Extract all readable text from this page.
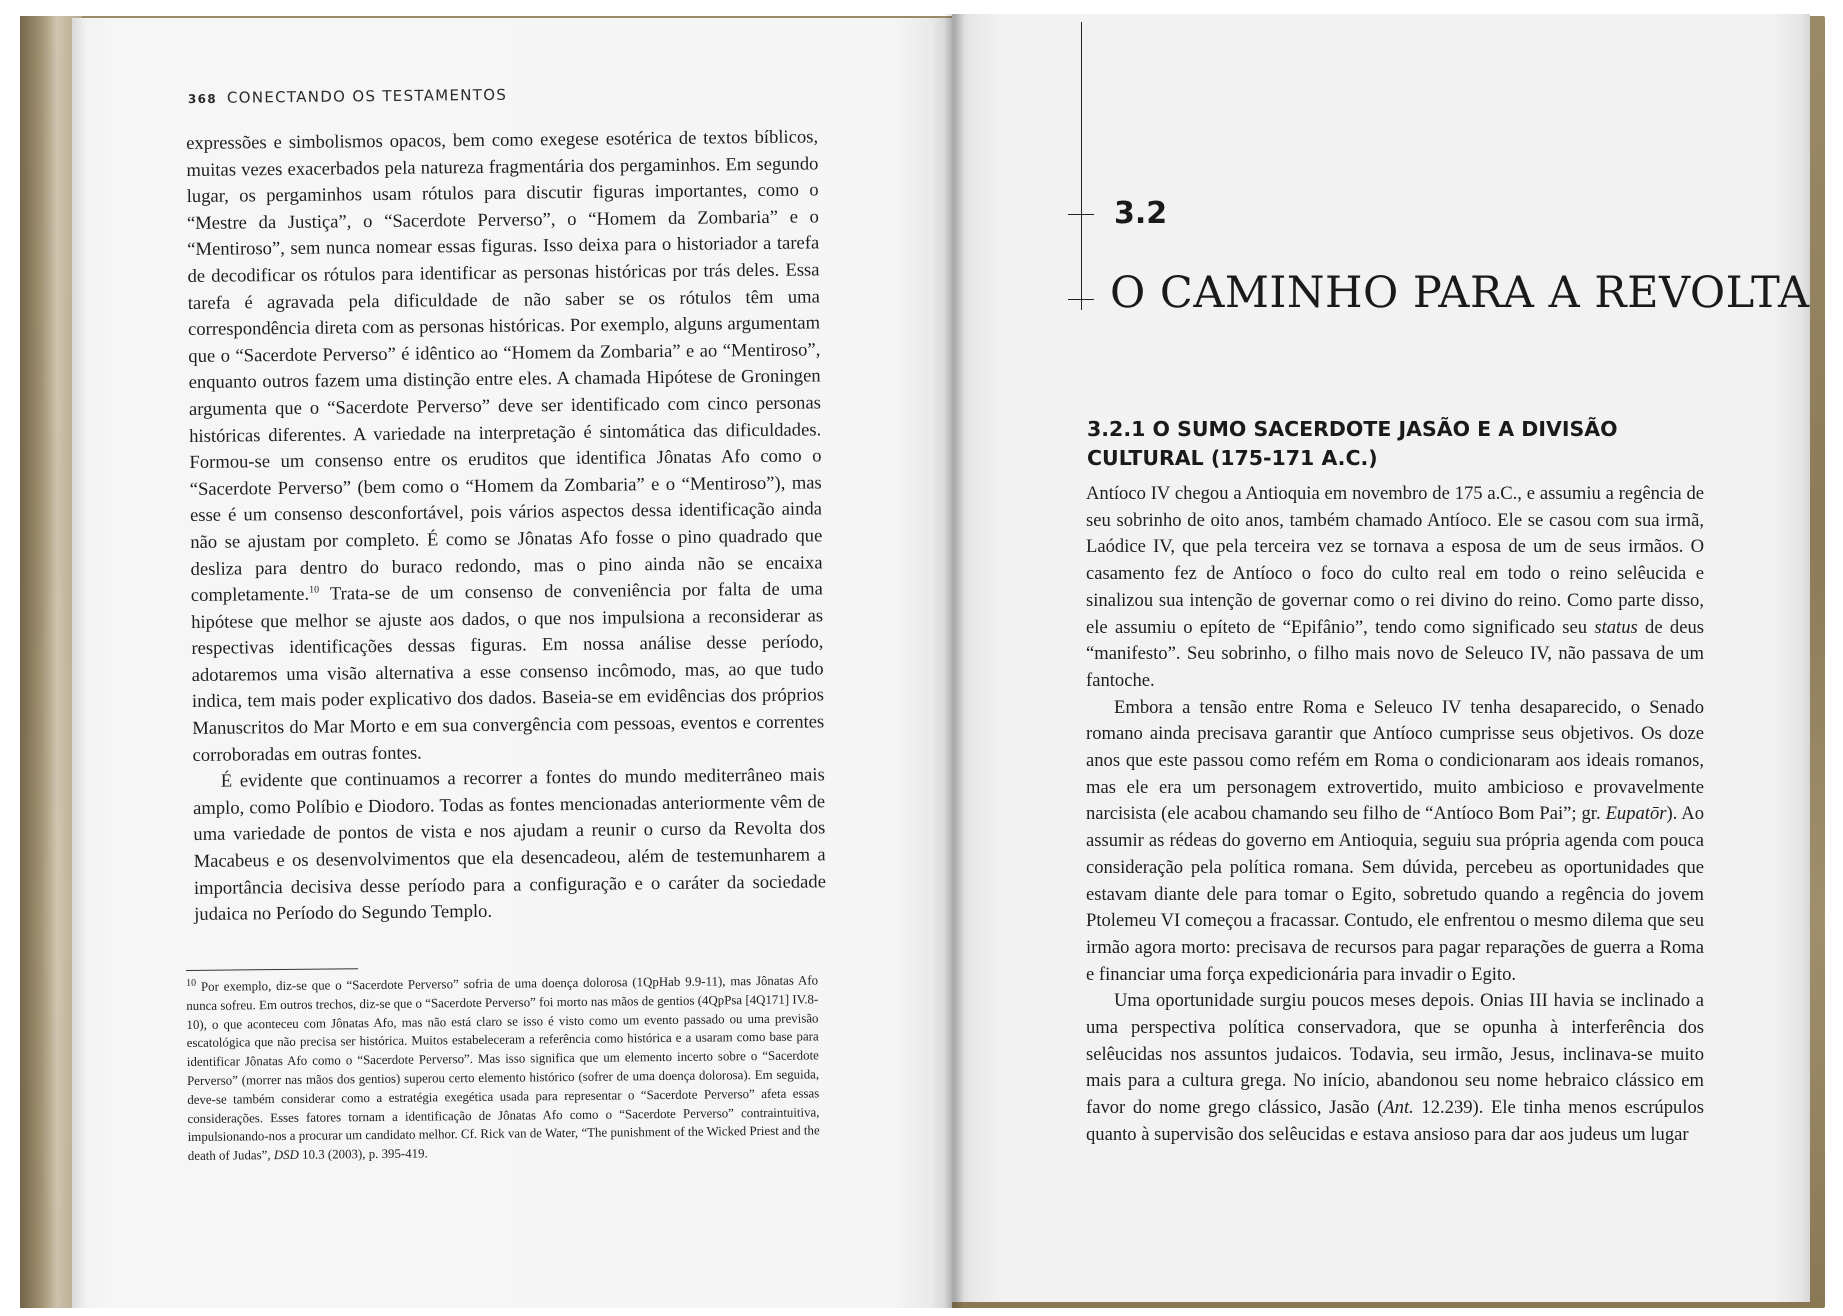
368 CONECTANDO OS TESTAMENTOS

expressões e simbolismos opacos, bem como exegese esotérica de textos bíblicos, muitas vezes exacerbados pela natureza fragmentária dos pergaminhos. Em segundo lugar, os pergaminhos usam rótulos para discutir figuras importantes, como o “Mestre da Justiça”, o “Sacerdote Perverso”, o “Homem da Zombaria” e o “Mentiroso”, sem nunca nomear essas figuras. Isso deixa para o historiador a tarefa de decodificar os rótulos para identificar as personas históricas por trás deles. Essa tarefa é agravada pela dificuldade de não saber se os rótulos têm uma correspondência direta com as personas históricas. Por exemplo, alguns argumentam que o “Sacerdote Perverso” é idêntico ao “Homem da Zombaria” e ao “Mentiroso”, enquanto outros fazem uma distinção entre eles. A chamada Hipótese de Groningen argumenta que o “Sacerdote Perverso” deve ser identificado com cinco personas históricas diferentes. A variedade na interpretação é sintomática das dificuldades. Formou-se um consenso entre os eruditos que identifica Jônatas Afo como o “Sacerdote Perverso” (bem como o “Homem da Zombaria” e o “Mentiroso”), mas esse é um consenso desconfortável, pois vários aspectos dessa identificação ainda não se ajustam por completo. É como se Jônatas Afo fosse o pino quadrado que desliza para dentro do buraco redondo, mas o pino ainda não se encaixa completamente.$^{10}$ Trata-se de um consenso de conveniência por falta de uma hipótese que melhor se ajuste aos dados, o que nos impulsiona a reconsiderar as respectivas identificações dessas figuras. Em nossa análise desse período, adotaremos uma visão alternativa a esse consenso incômodo, mas, ao que tudo indica, tem mais poder explicativo dos dados. Baseia-se em evidências dos próprios Manuscritos do Mar Morto e em sua convergência com pessoas, eventos e correntes corroboradas em outras fontes.

É evidente que continuamos a recorrer a fontes do mundo mediterrâneo mais amplo, como Políbio e Diodoro. Todas as fontes mencionadas anteriormente vêm de uma variedade de pontos de vista e nos ajudam a reunir o curso da Revolta dos Macabeus e os desenvolvimentos que ela desencadeou, além de testemunharem a importância decisiva desse período para a configuração e o caráter da sociedade judaica no Período do Segundo Templo.

$^{10}$ Por exemplo, diz-se que o “Sacerdote Perverso” sofria de uma doença dolorosa (1QpHab 9.9-11), mas Jônatas Afo nunca sofreu. Em outros trechos, diz-se que o “Sacerdote Perverso” foi morto nas mãos de gentios (4QpPsa [4Q171] IV.8-10), o que aconteceu com Jônatas Afo, mas não está claro se isso é visto como um evento passado ou uma previsão escatológica que não precisa ser histórica. Muitos estabeleceram a referência como histórica e a usaram como base para identificar Jônatas Afo como o “Sacerdote Perverso”. Mas isso significa que um elemento incerto sobre o “Sacerdote Perverso” (morrer nas mãos dos gentios) superou certo elemento histórico (sofrer de uma doença dolorosa). Em seguida, deve-se também considerar como a estratégia exegética usada para representar o “Sacerdote Perverso” afeta essas considerações. Esses fatores tornam a identificação de Jônatas Afo como o “Sacerdote Perverso” contraintuitiva, impulsionando-nos a procurar um candidato melhor. Cf. Rick van de Water, “The punishment of the Wicked Priest and the death of Judas”, DSD 10.3 (2003), p. 395-419.

3.2
O CAMINHO PARA A REVOLTA
3.2.1 O SUMO SACERDOTE JASÃO E A DIVISÃO
CULTURAL (175-171 A.C.)

Antíoco IV chegou a Antioquia em novembro de 175 a.C., e assumiu a regência de seu sobrinho de oito anos, também chamado Antíoco. Ele se casou com sua irmã, Laódice IV, que pela terceira vez se tornava a esposa de um de seus irmãos. O casamento fez de Antíoco o foco do culto real em todo o reino selêucida e sinalizou sua intenção de governar como o rei divino do reino. Como parte disso, ele assumiu o epíteto de “Epifânio”, tendo como significado seu status de deus “manifesto”. Seu sobrinho, o filho mais novo de Seleuco IV, não passava de um fantoche.

Embora a tensão entre Roma e Seleuco IV tenha desaparecido, o Senado romano ainda precisava garantir que Antíoco cumprisse seus objetivos. Os doze anos que este passou como refém em Roma o condicionaram aos ideais romanos, mas ele era um personagem extrovertido, muito ambicioso e provavelmente narcisista (ele acabou chamando seu filho de “Antíoco Bom Pai”; gr. Eupatōr). Ao assumir as rédeas do governo em Antioquia, seguiu sua própria agenda com pouca consideração pela política romana. Sem dúvida, percebeu as oportunidades que estavam diante dele para tomar o Egito, sobretudo quando a regência do jovem Ptolemeu VI começou a fracassar. Contudo, ele enfrentou o mesmo dilema que seu irmão agora morto: precisava de recursos para pagar reparações de guerra a Roma e financiar uma força expedicionária para invadir o Egito.

Uma oportunidade surgiu poucos meses depois. Onias III havia se inclinado a uma perspectiva política conservadora, que se opunha à interferência dos selêucidas nos assuntos judaicos. Todavia, seu irmão, Jesus, inclinava-se muito mais para a cultura grega. No início, abandonou seu nome hebraico clássico em favor do nome grego clássico, Jasão (Ant. 12.239). Ele tinha menos escrúpulos quanto à supervisão dos selêucidas e estava ansioso para dar aos judeus um lugar
